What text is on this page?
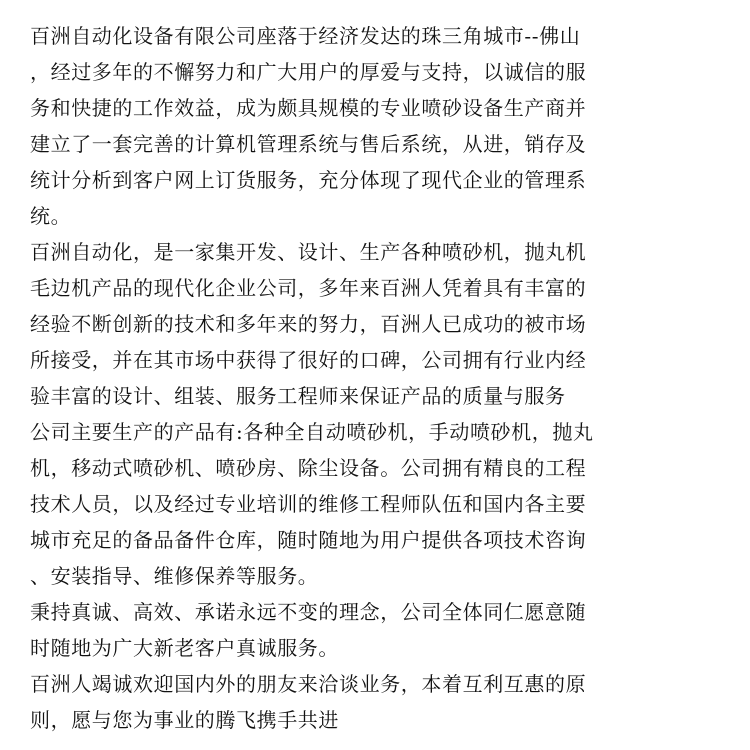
百洲自动化设备有限公司座落于经济发达的珠三角城市--佛山
，经过多年的不懈努力和广大用户的厚爱与支持，以诚信的服
务和快捷的工作效益，成为颇具规模的专业喷砂设备生产商并
建立了一套完善的计算机管理系统与售后系统，从进，销存及
统计分析到客户网上订货服务，充分体现了现代企业的管理系
统。
百洲自动化，是一家集开发、设计、生产各种喷砂机，抛丸机
毛边机产品的现代化企业公司，多年来百洲人凭着具有丰富的
经验不断创新的技术和多年来的努力，百洲人已成功的被市场
所接受，并在其市场中获得了很好的口碑，公司拥有行业内经
验丰富的设计、组装、服务工程师来保证产品的质量与服务
公司主要生产的产品有:各种全自动喷砂机，手动喷砂机，抛丸
机，移动式喷砂机、喷砂房、除尘设备。公司拥有精良的工程
技术人员，以及经过专业培训的维修工程师队伍和国内各主要
城市充足的备品备件仓库，随时随地为用户提供各项技术咨询
、安装指导、维修保养等服务。
秉持真诚、高效、承诺永远不变的理念，公司全体同仁愿意随
时随地为广大新老客户真诚服务。
百洲人竭诚欢迎国内外的朋友来洽谈业务，本着互利互惠的原
则，愿与您为事业的腾飞携手共进
